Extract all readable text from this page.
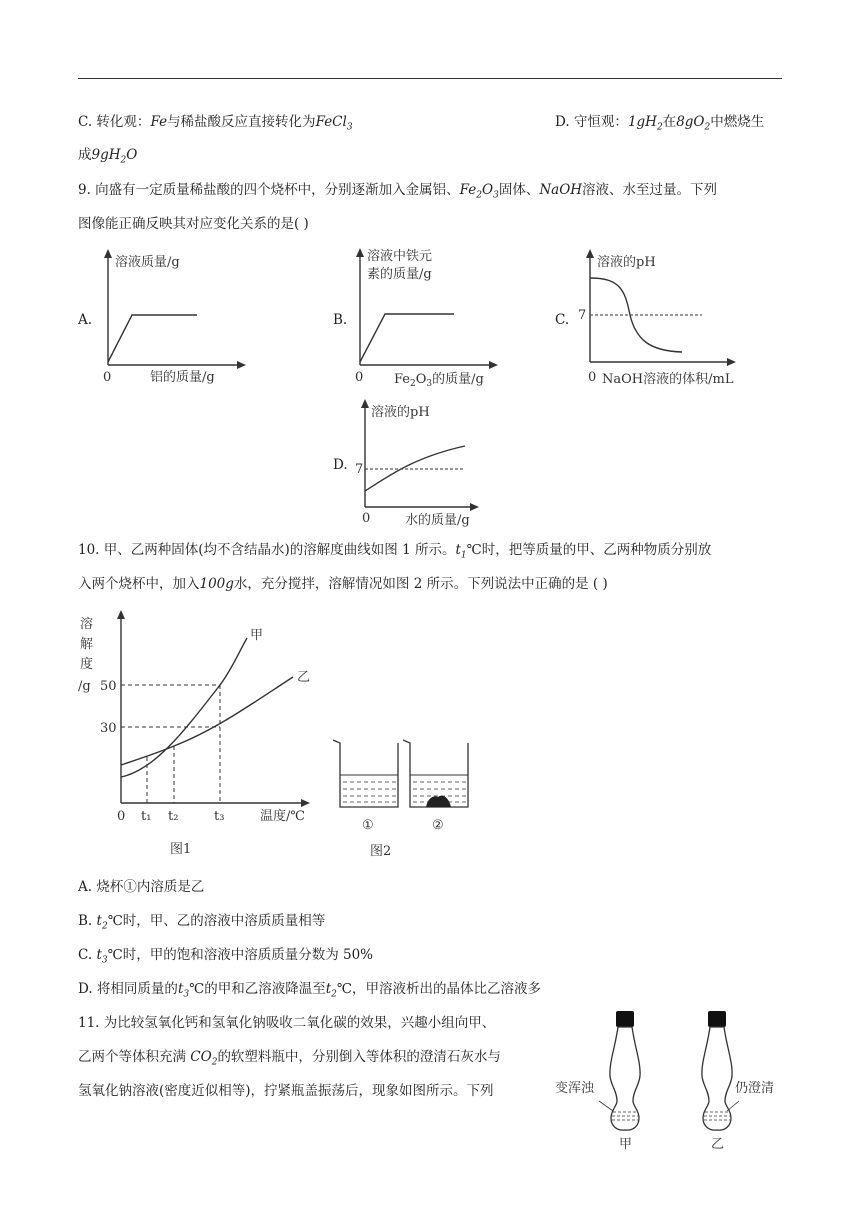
C. 转化观：Fe与稀盐酸反应直接转化为FeCl$_3$	D. 守恒观：$1gH_2$在$8gO_2$中燃烧生
成$9gH_2O$
9. 向盛有一定质量稀盐酸的四个烧杯中，分别逐渐加入金属铝、$Fe_2O_3$固体、NaOH溶液、水至过量。下列
图像能正确反映其对应变化关系的是( )
A.
溶液质量/g
0	铝的质量/g
B.
溶液中铁元
素的质量/g
0 $Fe_2O_3$的质量/g
C.
溶液的pH
7
0 NaOH溶液的体积/mL
D.
溶液的pH
7
0	水的质量/g
10. 甲、乙两种固体(均不含结晶水)的溶解度曲线如图 1 所示。$t_1℃$时，把等质量的甲、乙两种物质分别放
入两个烧杯中，加入100g水，充分搅拌，溶解情况如图 2 所示。下列说法中正确的是 ( )
溶
解
度
/g
甲
乙
50
30
0 t₁ t₂	t₃	温度/℃
图1
①	②
图2
A. 烧杯①内溶质是乙
B. $t_2℃$时，甲、乙的溶液中溶质质量相等
C. $t_3℃$时，甲的饱和溶液中溶质质量分数为 50%
D. 将相同质量的$t_3℃$的甲和乙溶液降温至$t_2℃$，甲溶液析出的晶体比乙溶液多
11. 为比较氢氧化钙和氢氧化钠吸收二氧化碳的效果，兴趣小组向甲、
乙两个等体积充满 $CO_2$的软塑料瓶中，分别倒入等体积的澄清石灰水与
氢氧化钠溶液(密度近似相等)，拧紧瓶盖振荡后，现象如图所示。下列	变浑浊
甲
仍澄清
乙
